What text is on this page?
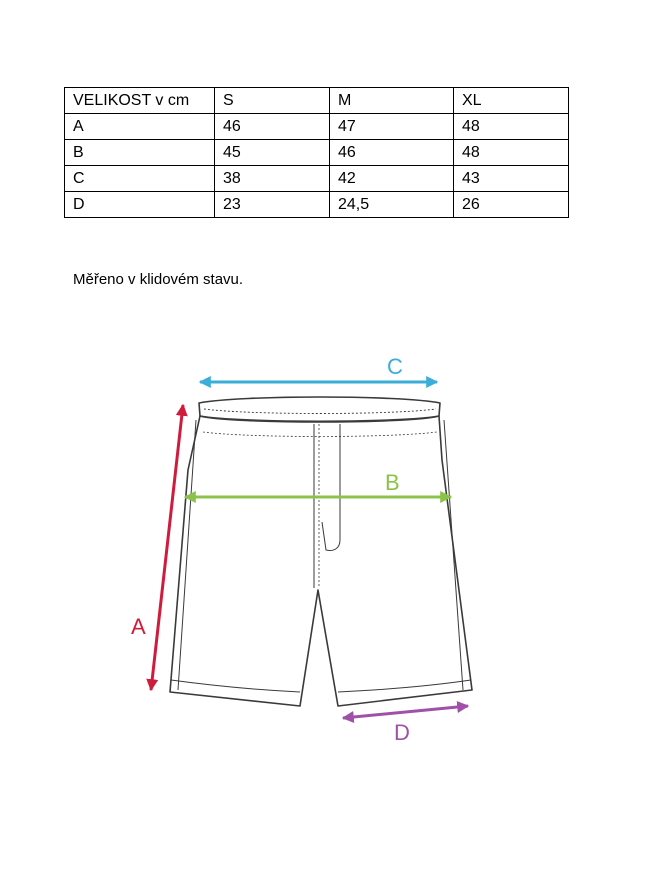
VELIKOST v cm	S	M	XL
A	46	47	48
B	45	46	48
C	38	42	43
D	23	24,5	26
Měřeno v klidovém stavu.
C
B
A
D
